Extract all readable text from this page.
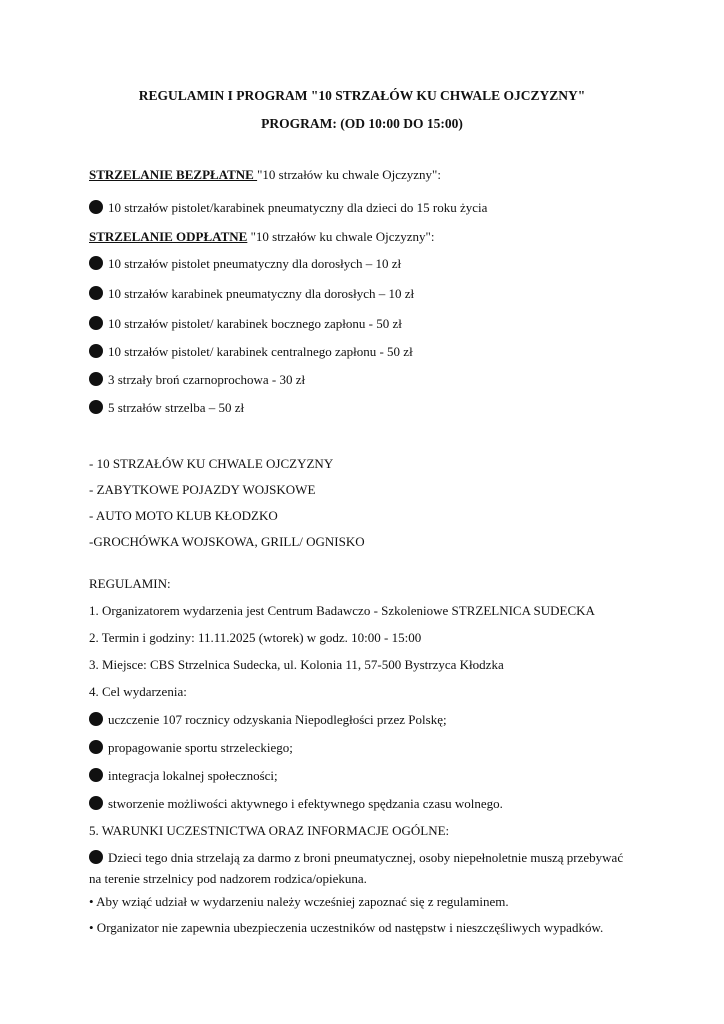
REGULAMIN I PROGRAM "10 STRZAŁÓW KU CHWALE OJCZYZNY"
PROGRAM: (OD 10:00 DO 15:00)
STRZELANIE BEZPŁATNE "10 strzałów ku chwale Ojczyzny":
10 strzałów pistolet/karabinek pneumatyczny dla dzieci do 15 roku życia
STRZELANIE ODPŁATNE "10 strzałów ku chwale Ojczyzny":
10 strzałów pistolet pneumatyczny dla dorosłych – 10 zł
10 strzałów karabinek pneumatyczny dla dorosłych – 10 zł
10 strzałów pistolet/ karabinek bocznego zapłonu - 50 zł
10 strzałów pistolet/ karabinek centralnego zapłonu - 50 zł
3 strzały broń czarnoprochowa - 30 zł
5 strzałów strzelba – 50 zł
- 10 STRZAŁÓW KU CHWALE OJCZYZNY
- ZABYTKOWE POJAZDY WOJSKOWE
- AUTO MOTO KLUB KŁODZKO
-GROCHÓWKA WOJSKOWA, GRILL/ OGNISKO
REGULAMIN:
1. Organizatorem wydarzenia jest Centrum Badawczo - Szkoleniowe STRZELNICA SUDECKA
2. Termin i godziny: 11.11.2025 (wtorek) w godz. 10:00 - 15:00
3. Miejsce: CBS Strzelnica Sudecka, ul. Kolonia 11, 57-500 Bystrzyca Kłodzka
4. Cel wydarzenia:
uczczenie 107 rocznicy odzyskania Niepodległości przez Polskę;
propagowanie sportu strzeleckiego;
integracja lokalnej społeczności;
stworzenie możliwości aktywnego i efektywnego spędzania czasu wolnego.
5. WARUNKI UCZESTNICTWA ORAZ INFORMACJE OGÓLNE:
Dzieci tego dnia strzelają za darmo z broni pneumatycznej, osoby niepełnoletnie muszą przebywać na terenie strzelnicy pod nadzorem rodzica/opiekuna.
• Aby wziąć udział w wydarzeniu należy wcześniej zapoznać się z regulaminem.
• Organizator nie zapewnia ubezpieczenia uczestników od następstw i nieszczęśliwych wypadków.
